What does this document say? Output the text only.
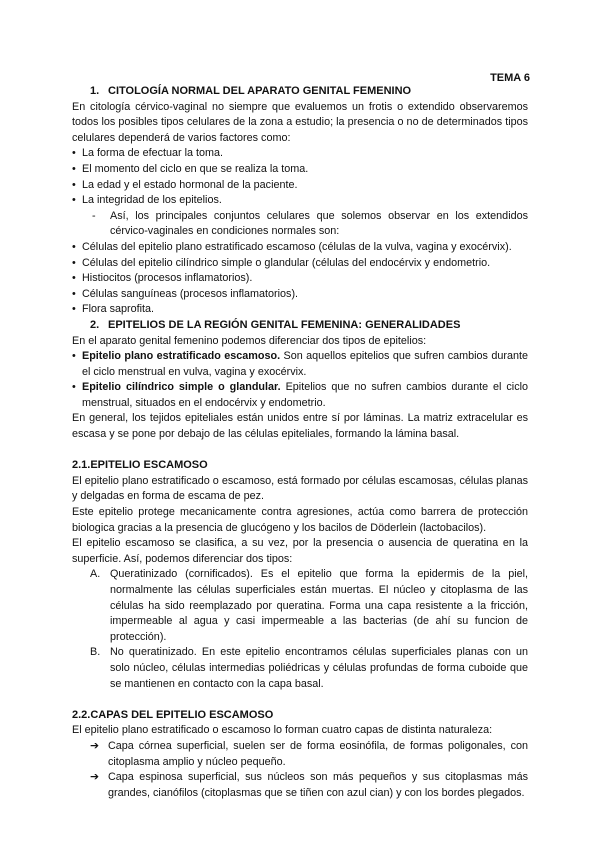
TEMA 6

1. CITOLOGÍA NORMAL DEL APARATO GENITAL FEMENINO

En citología cérvico-vaginal no siempre que evaluemos un frotis o extendido observaremos todos los posibles tipos celulares de la zona a estudio; la presencia o no de determinados tipos celulares dependerá de varios factores como:

• La forma de efectuar la toma.
• El momento del ciclo en que se realiza la toma.
• La edad y el estado hormonal de la paciente.
• La integridad de los epitelios.
- Así, los principales conjuntos celulares que solemos observar en los extendidos cérvico-vaginales en condiciones normales son:
• Células del epitelio plano estratificado escamoso (células de la vulva, vagina y exocérvix).
• Células del epitelio cilíndrico simple o glandular (células del endocérvix y endometrio.
• Histiocitos (procesos inflamatorios).
• Células sanguíneas (procesos inflamatorios).
• Flora saprofita.

2. EPITELIOS DE LA REGIÓN GENITAL FEMENINA: GENERALIDADES

En el aparato genital femenino podemos diferenciar dos tipos de epitelios:

• Epitelio plano estratificado escamoso. Son aquellos epitelios que sufren cambios durante el ciclo menstrual en vulva, vagina y exocérvix.
• Epitelio cilíndrico simple o glandular. Epitelios que no sufren cambios durante el ciclo menstrual, situados en el endocérvix y endometrio.

En general, los tejidos epiteliales están unidos entre sí por láminas. La matriz extracelular es escasa y se pone por debajo de las células epiteliales, formando la lámina basal.

2.1.EPITELIO ESCAMOSO

El epitelio plano estratificado o escamoso, está formado por células escamosas, células planas y delgadas en forma de escama de pez.

Este epitelio protege mecanicamente contra agresiones, actúa como barrera de protección biologica gracias a la presencia de glucógeno y los bacilos de Döderlein (lactobacilos).

El epitelio escamoso se clasifica, a su vez, por la presencia o ausencia de queratina en la superficie. Así, podemos diferenciar dos tipos:

A. Queratinizado (cornificados). Es el epitelio que forma la epidermis de la piel, normalmente las células superficiales están muertas. El núcleo y citoplasma de las células ha sido reemplazado por queratina. Forma una capa resistente a la fricción, impermeable al agua y casi impermeable a las bacterias (de ahí su funcion de protección).
B. No queratinizado. En este epitelio encontramos células superficiales planas con un solo núcleo, células intermedias poliédricas y células profundas de forma cuboide que se mantienen en contacto con la capa basal.

2.2.CAPAS DEL EPITELIO ESCAMOSO

El epitelio plano estratificado o escamoso lo forman cuatro capas de distinta naturaleza:

➔ Capa córnea superficial, suelen ser de forma eosinófila, de formas poligonales, con citoplasma amplio y núcleo pequeño.
➔ Capa espinosa superficial, sus núcleos son más pequeños y sus citoplasmas más grandes, cianófilos (citoplasmas que se tiñen con azul cian) y con los bordes plegados.
